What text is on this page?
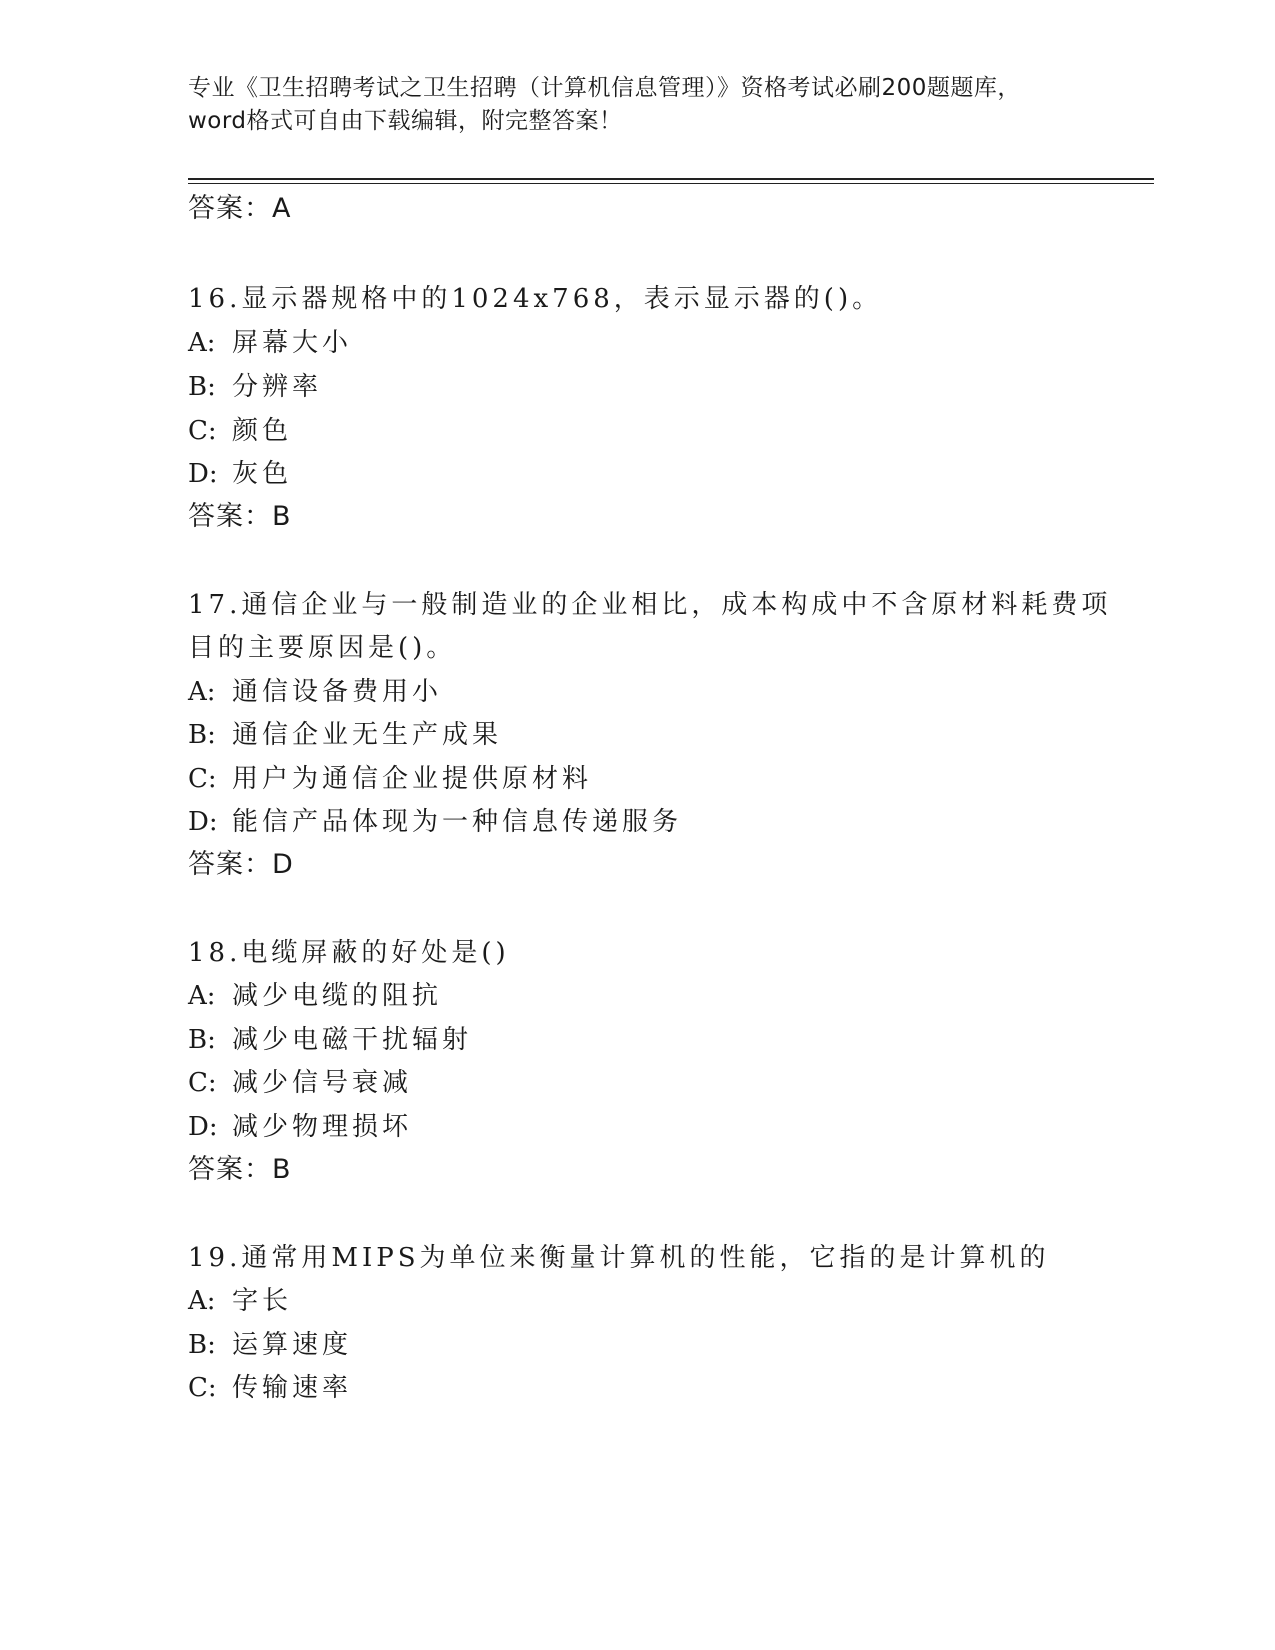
专业《卫生招聘考试之卫生招聘（计算机信息管理）》资格考试必刷200题题库，
word格式可自由下载编辑，附完整答案！
答案：A
16.显示器规格中的1024x768，表示显示器的()。
A: 屏幕大小
B: 分辨率
C: 颜色
D: 灰色
答案：B
17.通信企业与一般制造业的企业相比，成本构成中不含原材料耗费项
目的主要原因是()。
A: 通信设备费用小
B: 通信企业无生产成果
C: 用户为通信企业提供原材料
D: 能信产品体现为一种信息传递服务
答案：D
18.电缆屏蔽的好处是()
A: 减少电缆的阻抗
B: 减少电磁干扰辐射
C: 减少信号衰减
D: 减少物理损坏
答案：B
19.通常用MIPS为单位来衡量计算机的性能，它指的是计算机的
A: 字长
B: 运算速度
C: 传输速率
